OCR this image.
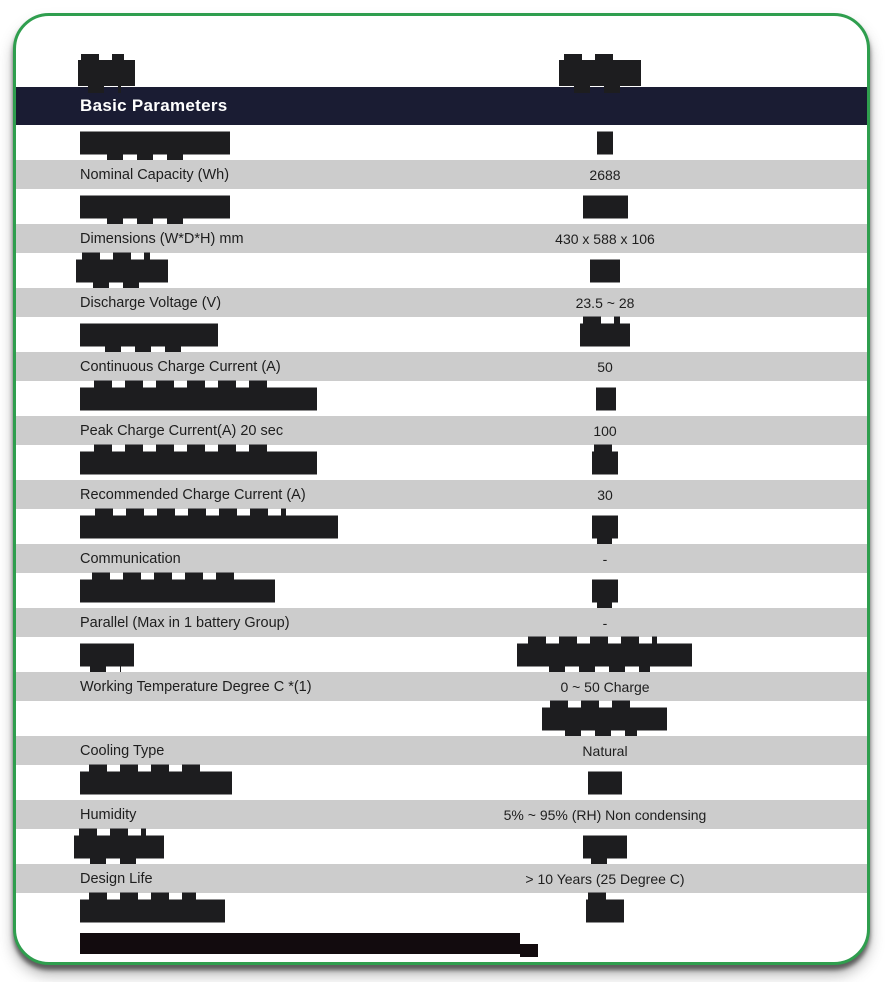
Basic Parameters
Nominal Capacity (Wh)	2688
Dimensions (W*D*H) mm	430 x 588 x 106
Discharge Voltage (V)	23.5 ~ 28
Continuous Charge Current (A)	50
Peak Charge Current(A) 20 sec	100
Recommended Charge Current (A)	30
Communication	-
Parallel (Max in 1 battery Group)	-
Working Temperature Degree C *(1)	0 ~ 50 Charge
Cooling Type	Natural
Humidity	5% ~ 95% (RH) Non condensing
Design Life	> 10 Years (25 Degree C)
